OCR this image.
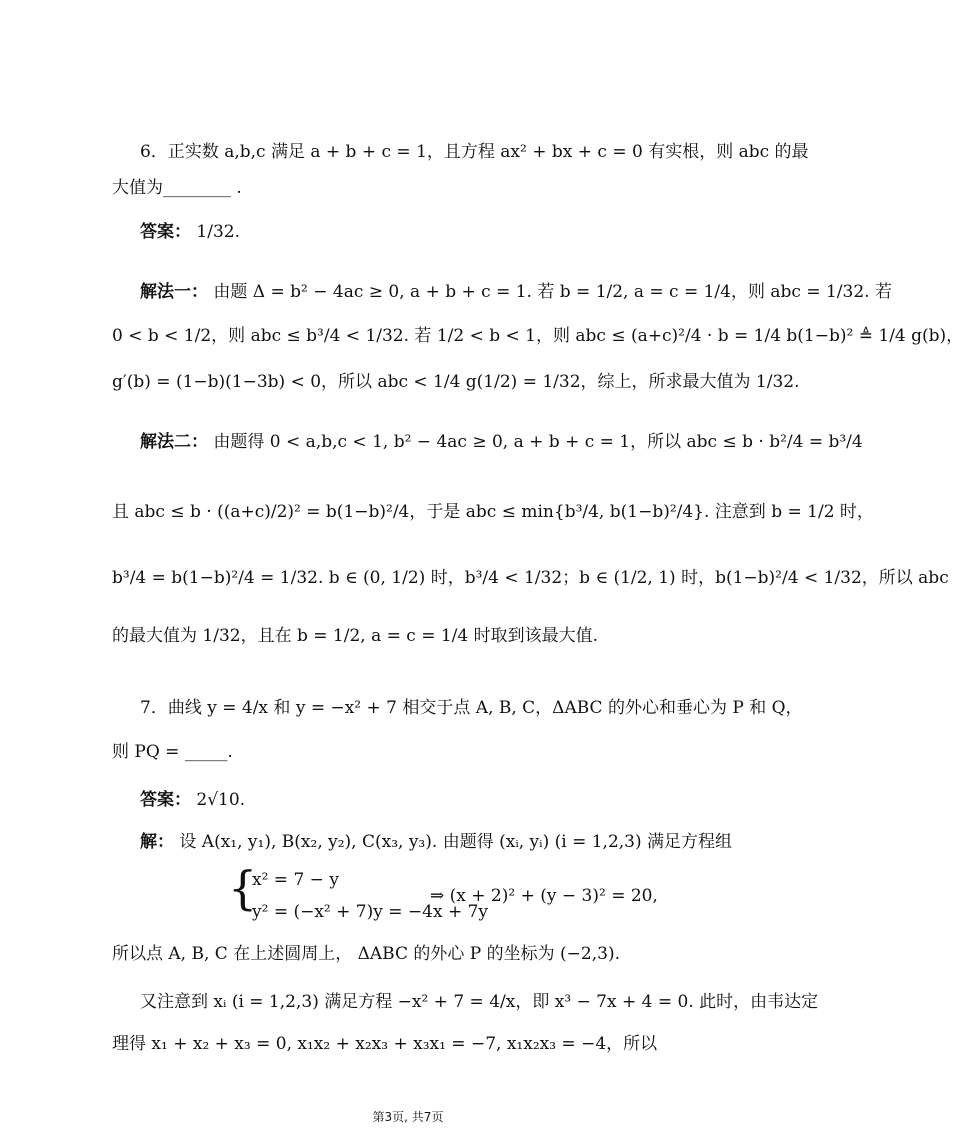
6．正实数 a,b,c 满足 a + b + c = 1，且方程 ax² + bx + c = 0 有实根，则 abc 的最
大值为________ .
答案： 1/32.
解法一： 由题 Δ = b² − 4ac ≥ 0, a + b + c = 1. 若 b = 1/2, a = c = 1/4，则 abc = 1/32. 若
0 < b < 1/2，则 abc ≤ b³/4 < 1/32. 若 1/2 < b < 1，则 abc ≤ (a+c)²/4 · b = 1/4 b(1−b)² ≜ 1/4 g(b)，
g′(b) = (1−b)(1−3b) < 0，所以 abc < 1/4 g(1/2) = 1/32，综上，所求最大值为 1/32.
解法二： 由题得 0 < a,b,c < 1, b² − 4ac ≥ 0, a + b + c = 1，所以 abc ≤ b · b²/4 = b³/4
且 abc ≤ b · ((a+c)/2)² = b(1−b)²/4，于是 abc ≤ min{b³/4, b(1−b)²/4}. 注意到 b = 1/2 时，
b³/4 = b(1−b)²/4 = 1/32. b ∈ (0, 1/2) 时，b³/4 < 1/32；b ∈ (1/2, 1) 时，b(1−b)²/4 < 1/32，所以 abc
的最大值为 1/32，且在 b = 1/2, a = c = 1/4 时取到该最大值.
7．曲线 y = 4/x 和 y = −x² + 7 相交于点 A, B, C，ΔABC 的外心和垂心为 P 和 Q，
则 PQ = _____.
答案： 2√10.
解： 设 A(x₁, y₁), B(x₂, y₂), C(x₃, y₃). 由题得 (xᵢ, yᵢ) (i = 1,2,3) 满足方程组
{
x² = 7 − y
y² = (−x² + 7)y = −4x + 7y
⇒ (x + 2)² + (y − 3)² = 20,
所以点 A, B, C 在上述圆周上， ΔABC 的外心 P 的坐标为 (−2,3).
又注意到 xᵢ (i = 1,2,3) 满足方程 −x² + 7 = 4/x，即 x³ − 7x + 4 = 0. 此时，由韦达定
理得 x₁ + x₂ + x₃ = 0, x₁x₂ + x₂x₃ + x₃x₁ = −7, x₁x₂x₃ = −4，所以
第3页, 共7页
